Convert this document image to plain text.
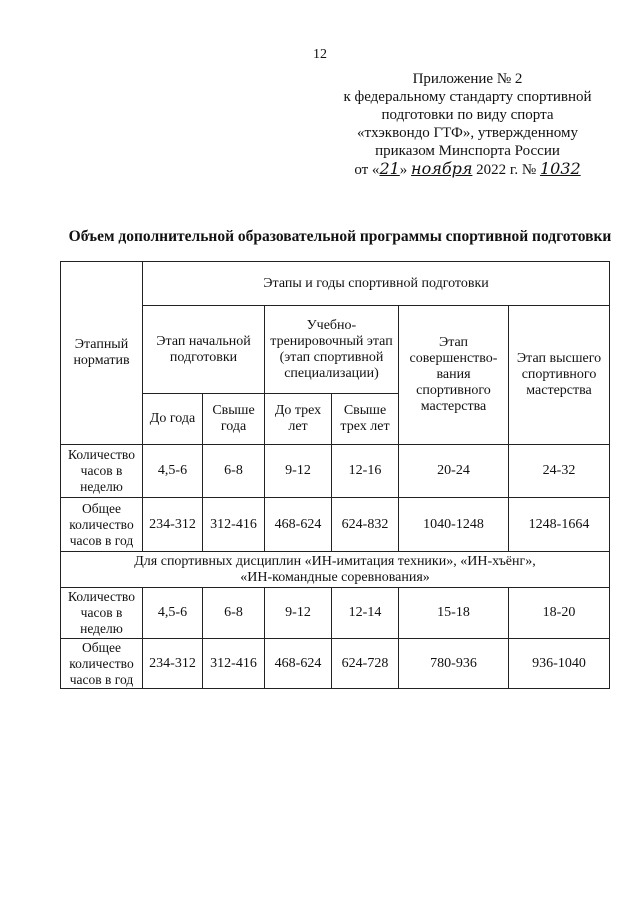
12
Приложение № 2
к федеральному стандарту спортивной
подготовки по виду спорта
«тхэквондо ГТФ», утвержденному
приказом Минспорта России
от «21» ноября 2022 г. № 1032
Объем дополнительной образовательной программы спортивной подготовки
Этапный норматив	Этапы и годы спортивной подготовки					
	Этап начальной подготовки		Учебно-тренировочный этап (этап спортивной специализации)		Этап совершенство-вания спортивного мастерства	Этап высшего спортивного мастерства
	До года	Свыше года	До трех лет	Свыше трех лет		
Количество часов в неделю	4,5-6	6-8	9-12	12-16	20-24	24-32
Общее количество часов в год	234-312	312-416	468-624	624-832	1040-1248	1248-1664
Для спортивных дисциплин «ИН-имитация техники», «ИН-хъёнг», «ИН-командные соревнования»						
Количество часов в неделю	4,5-6	6-8	9-12	12-14	15-18	18-20
Общее количество часов в год	234-312	312-416	468-624	624-728	780-936	936-1040
